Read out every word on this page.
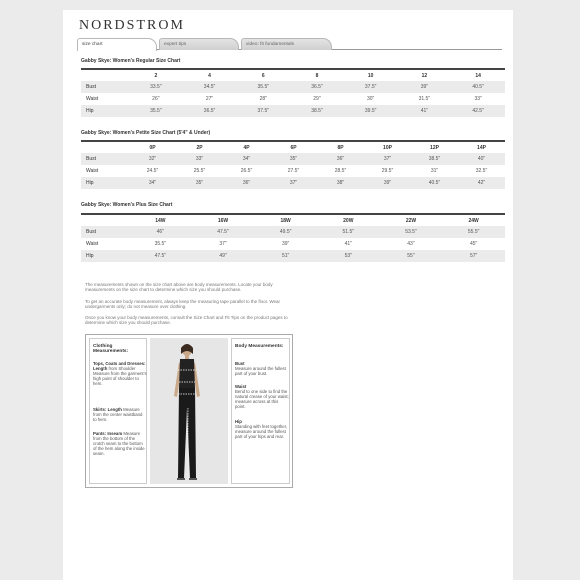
NORDSTROM
size chart	expert tips	video: fit fundamentals
Gabby Skye: Women's Regular Size Chart
	2	4	6	8	10	12	14
Bust	33.5"	34.5"	35.5"	36.5"	37.5"	39"	40.5"
Waist	26"	27"	28"	29"	30"	31.5"	33"
Hip	35.5"	36.5"	37.5"	38.5"	39.5"	41"	42.5"
Gabby Skye: Women's Petite Size Chart (5'4" & Under)
	0P	2P	4P	6P	8P	10P	12P	14P
Bust	32"	33"	34"	35"	36"	37"	38.5"	40"
Waist	24.5"	25.5"	26.5"	27.5"	28.5"	29.5"	31"	32.5"
Hip	34"	35"	36"	37"	38"	39"	40.5"	42"
Gabby Skye: Women's Plus Size Chart
	14W	16W	18W	20W	22W	24W
Bust	46"	47.5"	49.5"	51.5"	53.5"	55.5"
Waist	35.5"	37"	39"	41"	43"	45"
Hip	47.5"	49"	51"	53"	55"	57"
The measurements shown on the size chart above are body measurements. Locate your body measurements on the size chart to determine which size you should purchase.
To get an accurate body measurement, always keep the measuring tape parallel to the floor. Wear undergarments only; do not measure over clothing.
Once you know your body measurements, consult the Size Chart and Fit Tips on the product pages to determine which size you should purchase.
Clothing Measurements:
Tops, Coats and Dresses: Length from Shoulder Measure from the garment's high point of shoulder to hem.
Skirts: Length Measure from the center waistband to hem.
Pants: Inseam Measure from the bottom of the crotch seam to the bottom of the hem along the inside seam.
Body Measurements:
Bust
Measure around the fullest part of your bust.
Waist
Bend to one side to find the natural crease of your waist; measure across at this point.
Hip
Standing with feet together, measure around the fullest part of your hips and rear.
